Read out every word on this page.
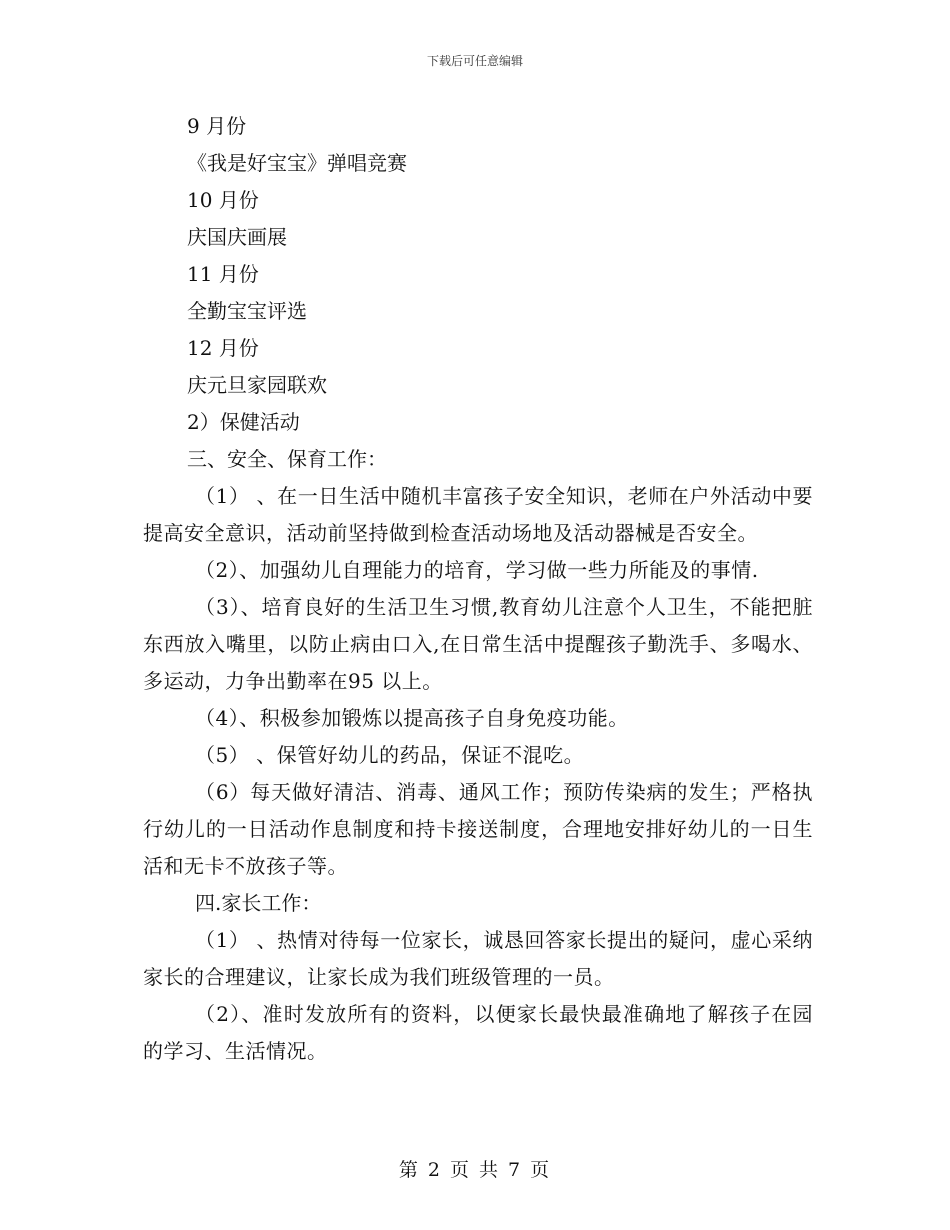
下载后可任意编辑

9 月份

《我是好宝宝》弹唱竞赛

10 月份

庆国庆画展

11 月份

全勤宝宝评选

12 月份

庆元旦家园联欢

2）保健活动

三、安全、保育工作：

（1） 、在一日生活中随机丰富孩子安全知识，老师在户外活动中要提高安全意识，活动前坚持做到检查活动场地及活动器械是否安全。

（2）、加强幼儿自理能力的培育，学习做一些力所能及的事情.

（3）、培育良好的生活卫生习惯,教育幼儿注意个人卫生，不能把脏东西放入嘴里，以防止病由口入,在日常生活中提醒孩子勤洗手、多喝水、多运动，力争出勤率在95 以上。

（4）、积极参加锻炼以提高孩子自身免疫功能。

（5） 、保管好幼儿的药品，保证不混吃。

（6）每天做好清洁、消毒、通风工作；预防传染病的发生；严格执行幼儿的一日活动作息制度和持卡接送制度，合理地安排好幼儿的一日生活和无卡不放孩子等。

四.家长工作：

（1） 、热情对待每一位家长，诚恳回答家长提出的疑问，虚心采纳家长的合理建议，让家长成为我们班级管理的一员。

（2）、准时发放所有的资料，以便家长最快最准确地了解孩子在园的学习、生活情况。

第 2 页 共 7 页
